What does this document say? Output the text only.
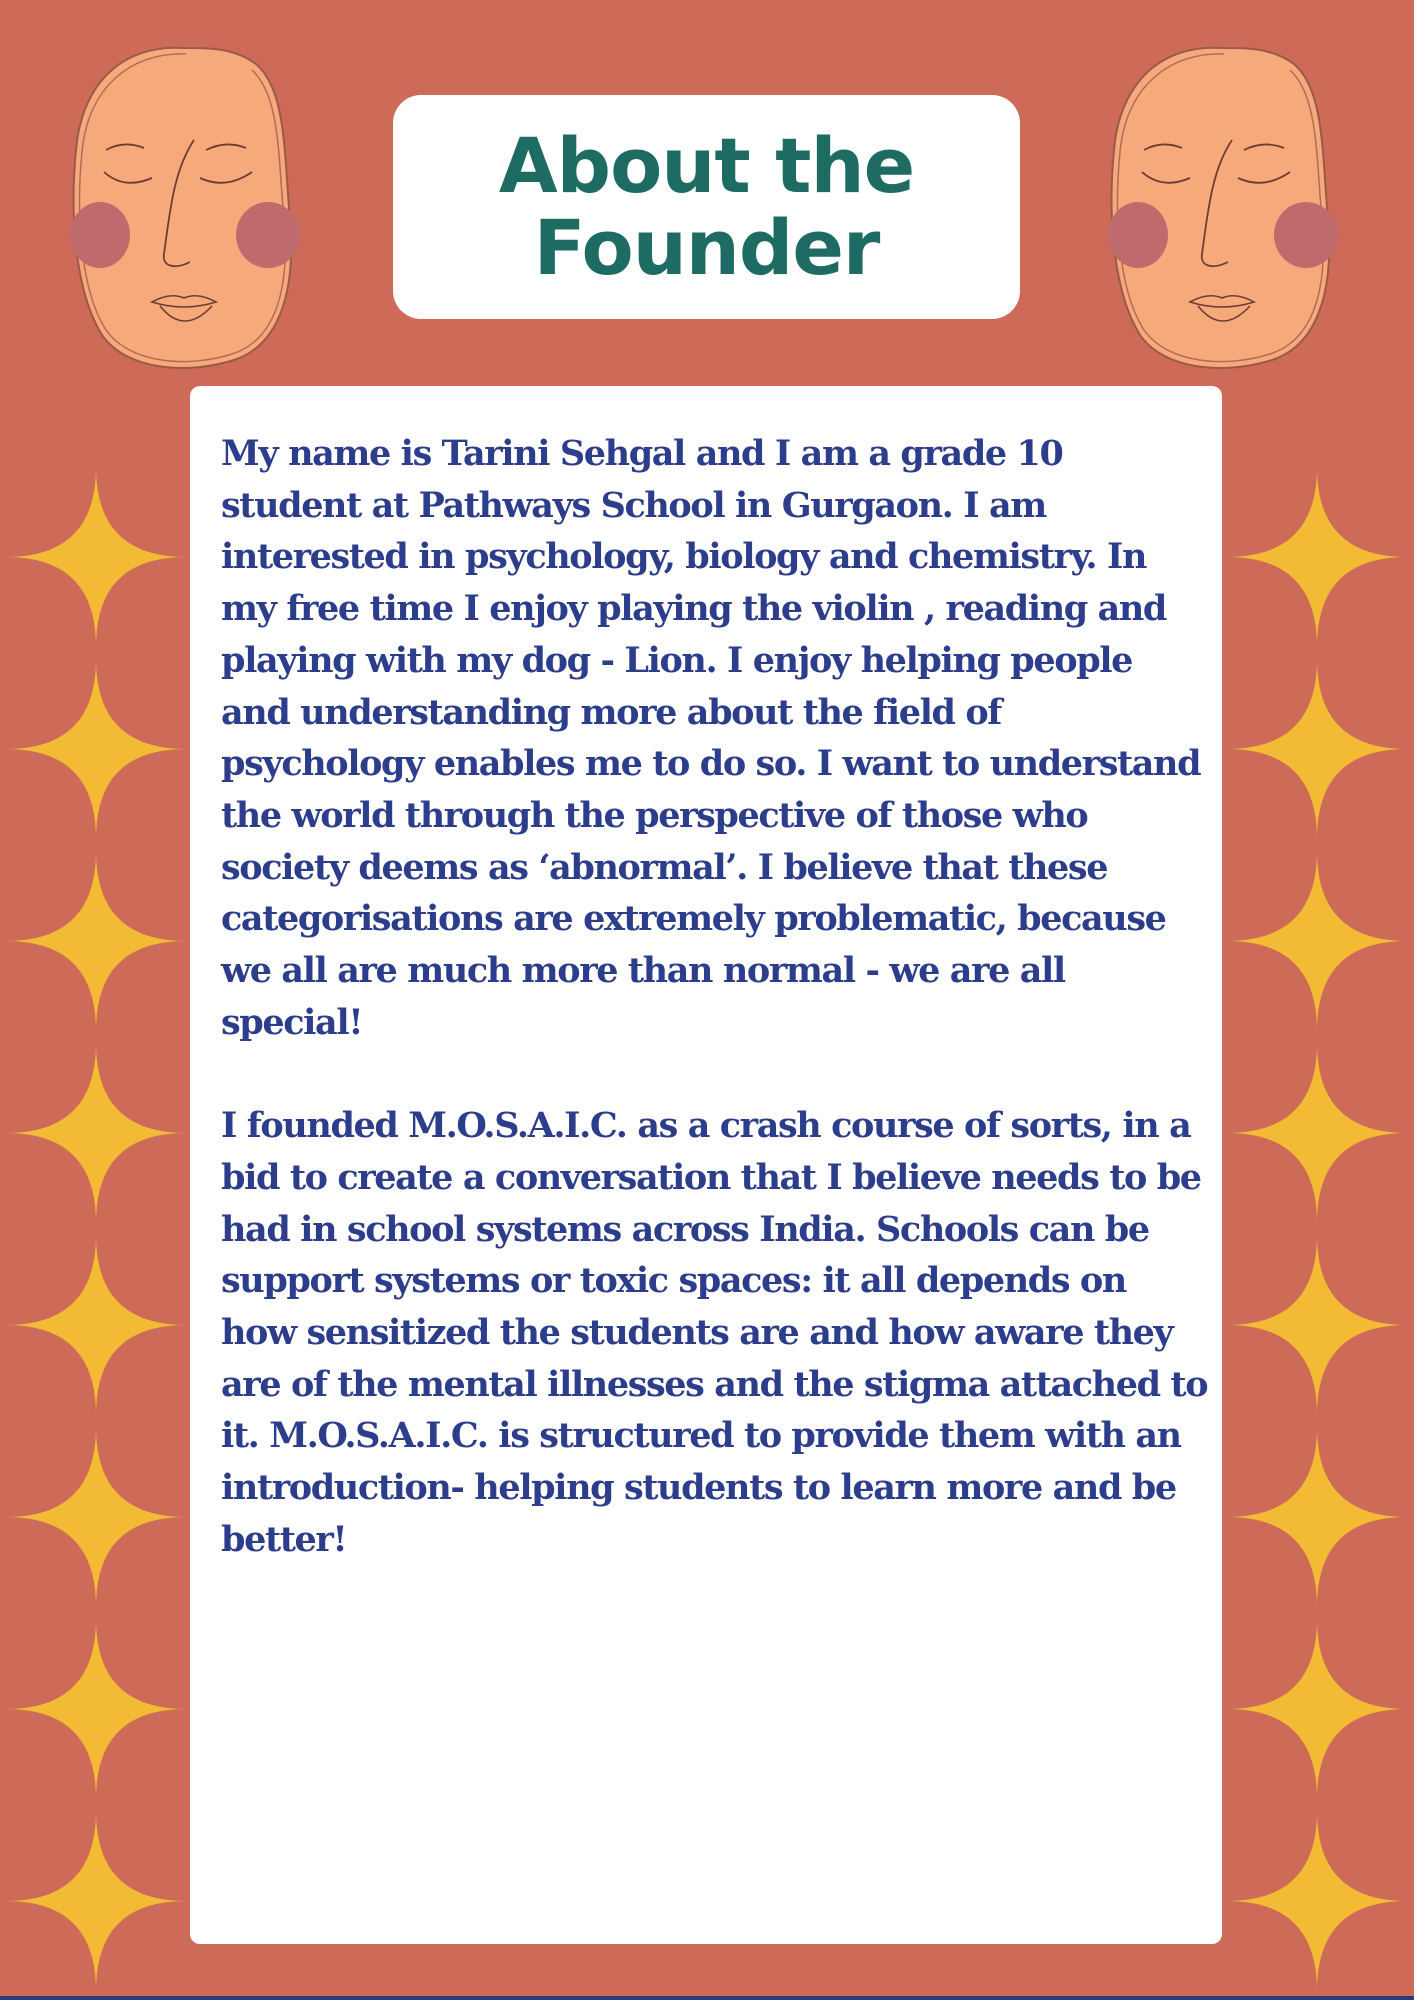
About the
Founder

My name is Tarini Sehgal and I am a grade 10 student at Pathways School in Gurgaon. I am interested in psychology, biology and chemistry. In my free time I enjoy playing the violin , reading and playing with my dog - Lion. I enjoy helping people and understanding more about the field of psychology enables me to do so. I want to understand the world through the perspective of those who society deems as ‘abnormal’. I believe that these categorisations are extremely problematic, because we all are much more than normal - we are all special!

I founded M.O.S.A.I.C. as a crash course of sorts, in a bid to create a conversation that I believe needs to be had in school systems across India. Schools can be support systems or toxic spaces: it all depends on how sensitized the students are and how aware they are of the mental illnesses and the stigma attached to it. M.O.S.A.I.C. is structured to provide them with an introduction- helping students to learn more and be better!
